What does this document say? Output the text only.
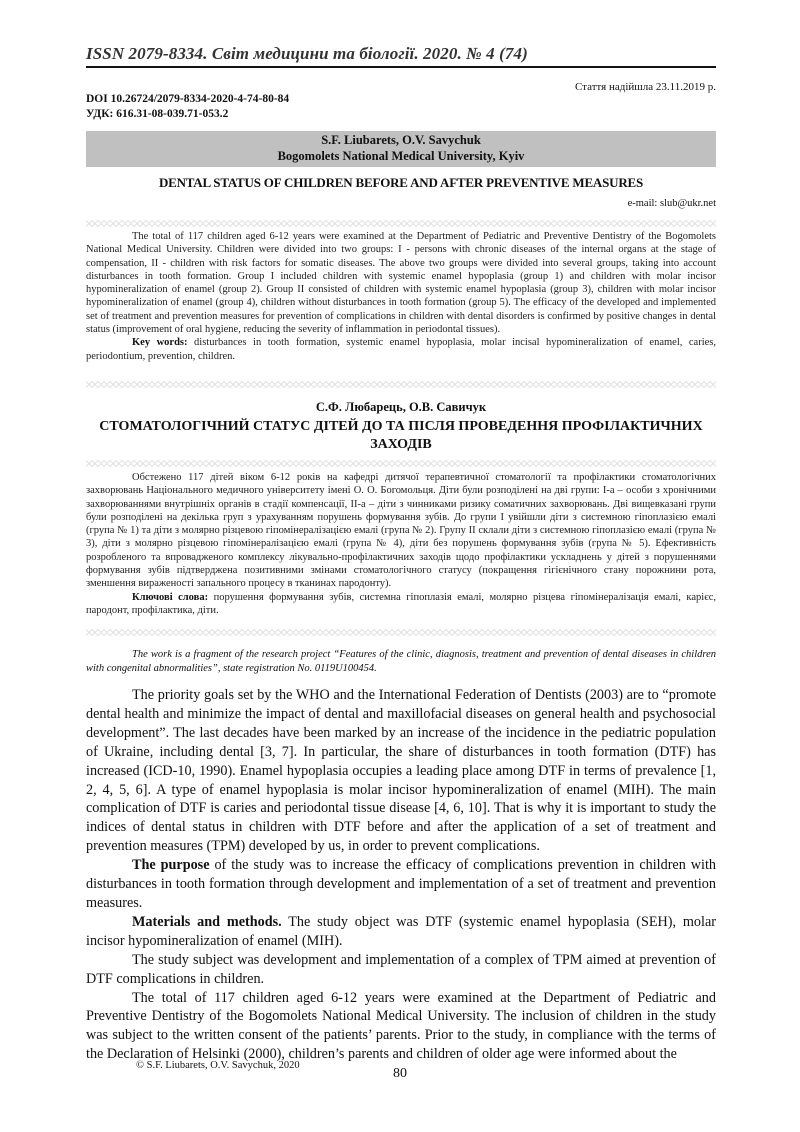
ISSN 2079-8334. Світ медицини та біології. 2020. № 4 (74)
Стаття надійшла 23.11.2019 р.
DOI 10.26724/2079-8334-2020-4-74-80-84
УДК: 616.31-08-039.71-053.2
S.F. Liubarets, O.V. Savychuk
Bogomolets National Medical University, Kyiv
DENTAL STATUS OF CHILDREN BEFORE AND AFTER PREVENTIVE MEASURES
e-mail: slub@ukr.net

The total of 117 children aged 6-12 years were examined at the Department of Pediatric and Preventive Dentistry of the Bogomolets National Medical University. Children were divided into two groups: I - persons with chronic diseases of the internal organs at the stage of compensation, II - children with risk factors for somatic diseases. The above two groups were divided into several groups, taking into account disturbances in tooth formation. Group I included children with systemic enamel hypoplasia (group 1) and children with molar incisor hypomineralization of enamel (group 2). Group II consisted of children with systemic enamel hypoplasia (group 3), children with molar incisor hypomineralization of enamel (group 4), children without disturbances in tooth formation (group 5). The efficacy of the developed and implemented set of treatment and prevention measures for prevention of complications in children with dental disorders is confirmed by positive changes in dental status (improvement of oral hygiene, reducing the severity of inflammation in periodontal tissues).

Key words: disturbances in tooth formation, systemic enamel hypoplasia, molar incisal hypomineralization of enamel, caries, periodontium, prevention, children.

С.Ф. Любарець, О.В. Савичук
СТОМАТОЛОГІЧНИЙ СТАТУС ДІТЕЙ ДО ТА ПІСЛЯ ПРОВЕДЕННЯ ПРОФІЛАКТИЧНИХ ЗАХОДІВ

Обстежено 117 дітей віком 6-12 років на кафедрі дитячої терапевтичної стоматології та профілактики стоматологічних захворювань Національного медичного університету імені О. О. Богомольця. Діти були розподілені на дві групи: І-а – особи з хронічними захворюваннями внутрішніх органів в стадії компенсації, ІІ-а – діти з чинниками ризику соматичних захворювань. Дві вищевказані групи були розподілені на декілька груп з урахуванням порушень формування зубів. До групи І увійшли діти з системною гіпоплазією емалі (група № 1) та діти з молярно різцевою гіпомінералізацією емалі (група № 2). Групу ІІ склали діти з системною гіпоплазією емалі (група № 3), діти з молярно різцевою гіпомінералізацією емалі (група № 4), діти без порушень формування зубів (група № 5). Ефективність розробленого та впровадженого комплексу лікувально-профілактичних заходів щодо профілактики ускладнень у дітей з порушеннями формування зубів підтверджена позитивними змінами стоматологічного статусу (покращення гігієнічного стану порожнини рота, зменшення вираженості запального процесу в тканинах пародонту).

Ключові слова: порушення формування зубів, системна гіпоплазія емалі, молярно різцева гіпомінералізація емалі, карієс, пародонт, профілактика, діти.

The work is a fragment of the research project “Features of the clinic, diagnosis, treatment and prevention of dental diseases in children with congenital abnormalities”, state registration No. 0119U100454.

The priority goals set by the WHO and the International Federation of Dentists (2003) are to “promote dental health and minimize the impact of dental and maxillofacial diseases on general health and psychosocial development”. The last decades have been marked by an increase of the incidence in the pediatric population of Ukraine, including dental [3, 7]. In particular, the share of disturbances in tooth formation (DTF) has increased (ICD-10, 1990). Enamel hypoplasia occupies a leading place among DTF in terms of prevalence [1, 2, 4, 5, 6]. A type of enamel hypoplasia is molar incisor hypomineralization of enamel (MIH). The main complication of DTF is caries and periodontal tissue disease [4, 6, 10]. That is why it is important to study the indices of dental status in children with DTF before and after the application of a set of treatment and prevention measures (TPM) developed by us, in order to prevent complications.

The purpose of the study was to increase the efficacy of complications prevention in children with disturbances in tooth formation through development and implementation of a set of treatment and prevention measures.

Materials and methods. The study object was DTF (systemic enamel hypoplasia (SEH), molar incisor hypomineralization of enamel (MIH).

The study subject was development and implementation of a complex of TPM aimed at prevention of DTF complications in children.

The total of 117 children aged 6-12 years were examined at the Department of Pediatric and Preventive Dentistry of the Bogomolets National Medical University. The inclusion of children in the study was subject to the written consent of the patients’ parents. Prior to the study, in compliance with the terms of the Declaration of Helsinki (2000), children’s parents and children of older age were informed about the

© S.F. Liubarets, O.V. Savychuk, 2020
80
